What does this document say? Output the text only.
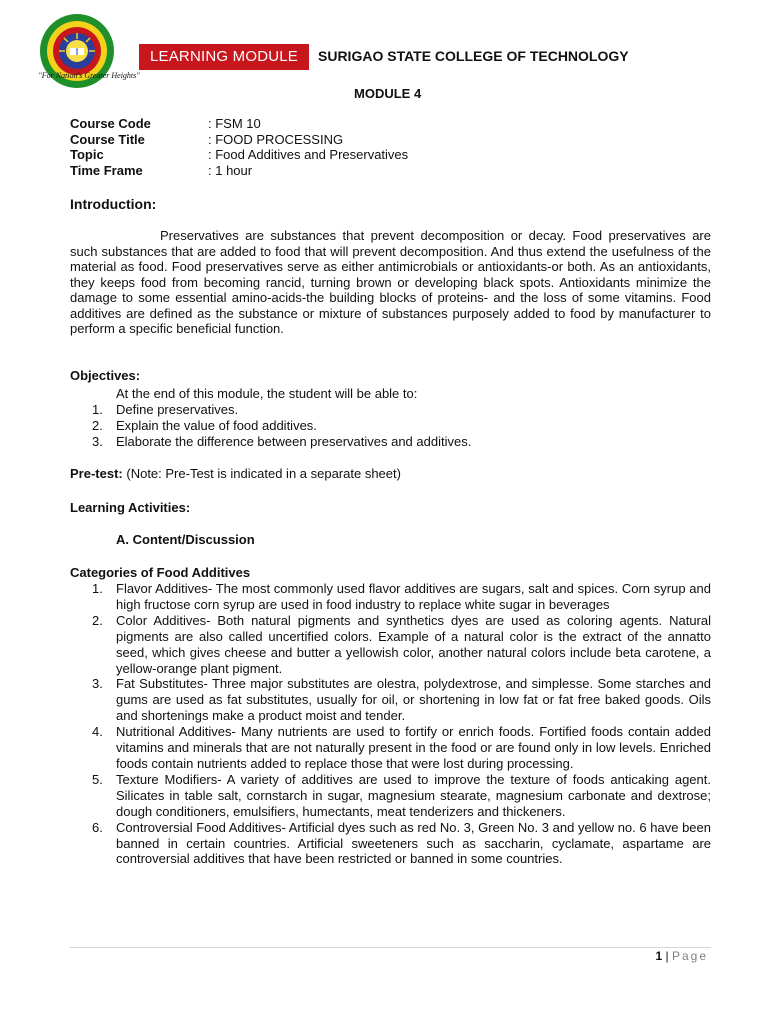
"For Nation's Greater Heights"
LEARNING MODULE	SURIGAO STATE COLLEGE OF TECHNOLOGY
MODULE 4
Course Code	: FSM 10
Course Title	: FOOD PROCESSING
Topic	: Food Additives and Preservatives
Time Frame	: 1 hour
Introduction:

Preservatives are substances that prevent decomposition or decay. Food preservatives are such substances that are added to food that will prevent decomposition. And thus extend the usefulness of the material as food. Food preservatives serve as either antimicrobials or antioxidants-or both. As an antioxidants, they keeps food from becoming rancid, turning brown or developing black spots. Antioxidants minimize the damage to some essential amino-acids-the building blocks of proteins- and the loss of some vitamins. Food additives are defined as the substance or mixture of substances purposely added to food by manufacturer to perform a specific beneficial function.

Objectives:
At the end of this module, the student will be able to:
1.	Define preservatives.
2.	Explain the value of food additives.
3.	Elaborate the difference between preservatives and additives.
Pre-test: (Note: Pre-Test is indicated in a separate sheet)
Learning Activities:
A. Content/Discussion
Categories of Food Additives
1.	Flavor Additives- The most commonly used flavor additives are sugars, salt and spices. Corn syrup and high fructose corn syrup are used in food industry to replace white sugar in beverages
2.	Color Additives- Both natural pigments and synthetics dyes are used as coloring agents. Natural pigments are also called uncertified colors. Example of a natural color is the extract of the annatto seed, which gives cheese and butter a yellowish color, another natural colors include beta carotene, a yellow-orange plant pigment.
3.	Fat Substitutes- Three major substitutes are olestra, polydextrose, and simplesse. Some starches and gums are used as fat substitutes, usually for oil, or shortening in low fat or fat free baked goods. Oils and shortenings make a product moist and tender.
4.	Nutritional Additives- Many nutrients are used to fortify or enrich foods. Fortified foods contain added vitamins and minerals that are not naturally present in the food or are found only in low levels. Enriched foods contain nutrients added to replace those that were lost during processing.
5.	Texture Modifiers- A variety of additives are used to improve the texture of foods anticaking agent. Silicates in table salt, cornstarch in sugar, magnesium stearate, magnesium carbonate and dextrose; dough conditioners, emulsifiers, humectants, meat tenderizers and thickeners.
6.	Controversial Food Additives- Artificial dyes such as red No. 3, Green No. 3 and yellow no. 6 have been banned in certain countries. Artificial sweeteners such as saccharin, cyclamate, aspartame are controversial additives that have been restricted or banned in some countries.
1 | Page
